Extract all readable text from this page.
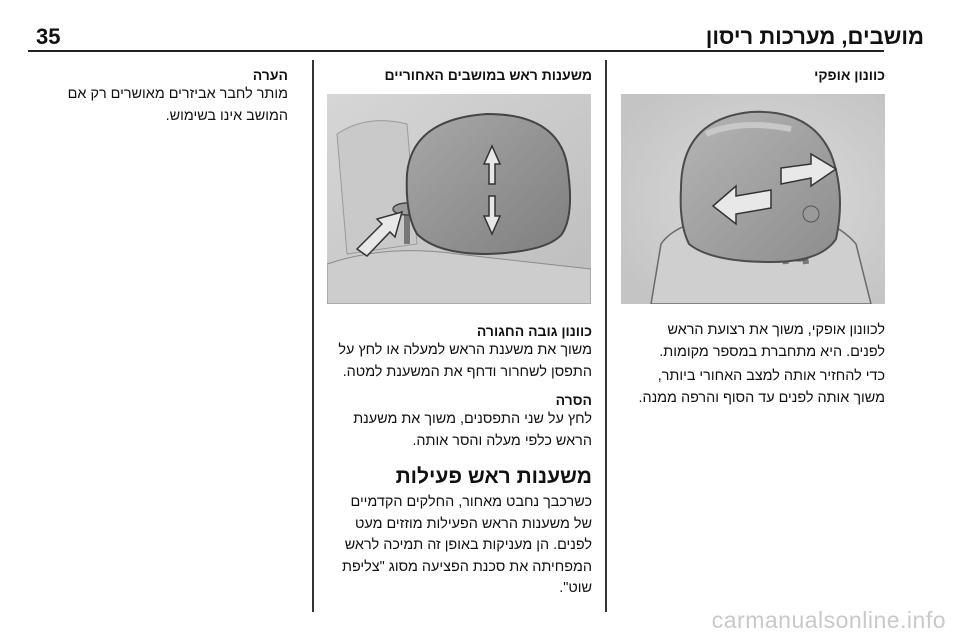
35	מושבים, מערכות ריסון
כוונון אופקי

לכוונון אופקי, משוך את רצועת הראש

לפנים. היא מתחברת במספר מקומות.

כדי להחזיר אותה למצב האחורי ביותר,

משוך אותה לפנים עד הסוף והרפה ממנה.

משענות ראש במושבים האחוריים
כוונון גובה החגורה

משוך את משענת הראש למעלה או לחץ על

התפסן לשחרור ודחף את המשענת למטה.

הסרה

לחץ על שני התפסנים, משוך את משענת

הראש כלפי מעלה והסר אותה.

משענות ראש פעילות

כשרכבך נחבט מאחור, החלקים הקדמיים

של משענות הראש הפעילות מוזזים מעט

לפנים. הן מעניקות באופן זה תמיכה לראש

המפחיתה את סכנת הפציעה מסוג "צליפת

שוט".

הערה

מותר לחבר אביזרים מאושרים רק אם

המושב אינו בשימוש.

carmanualsonline.info
